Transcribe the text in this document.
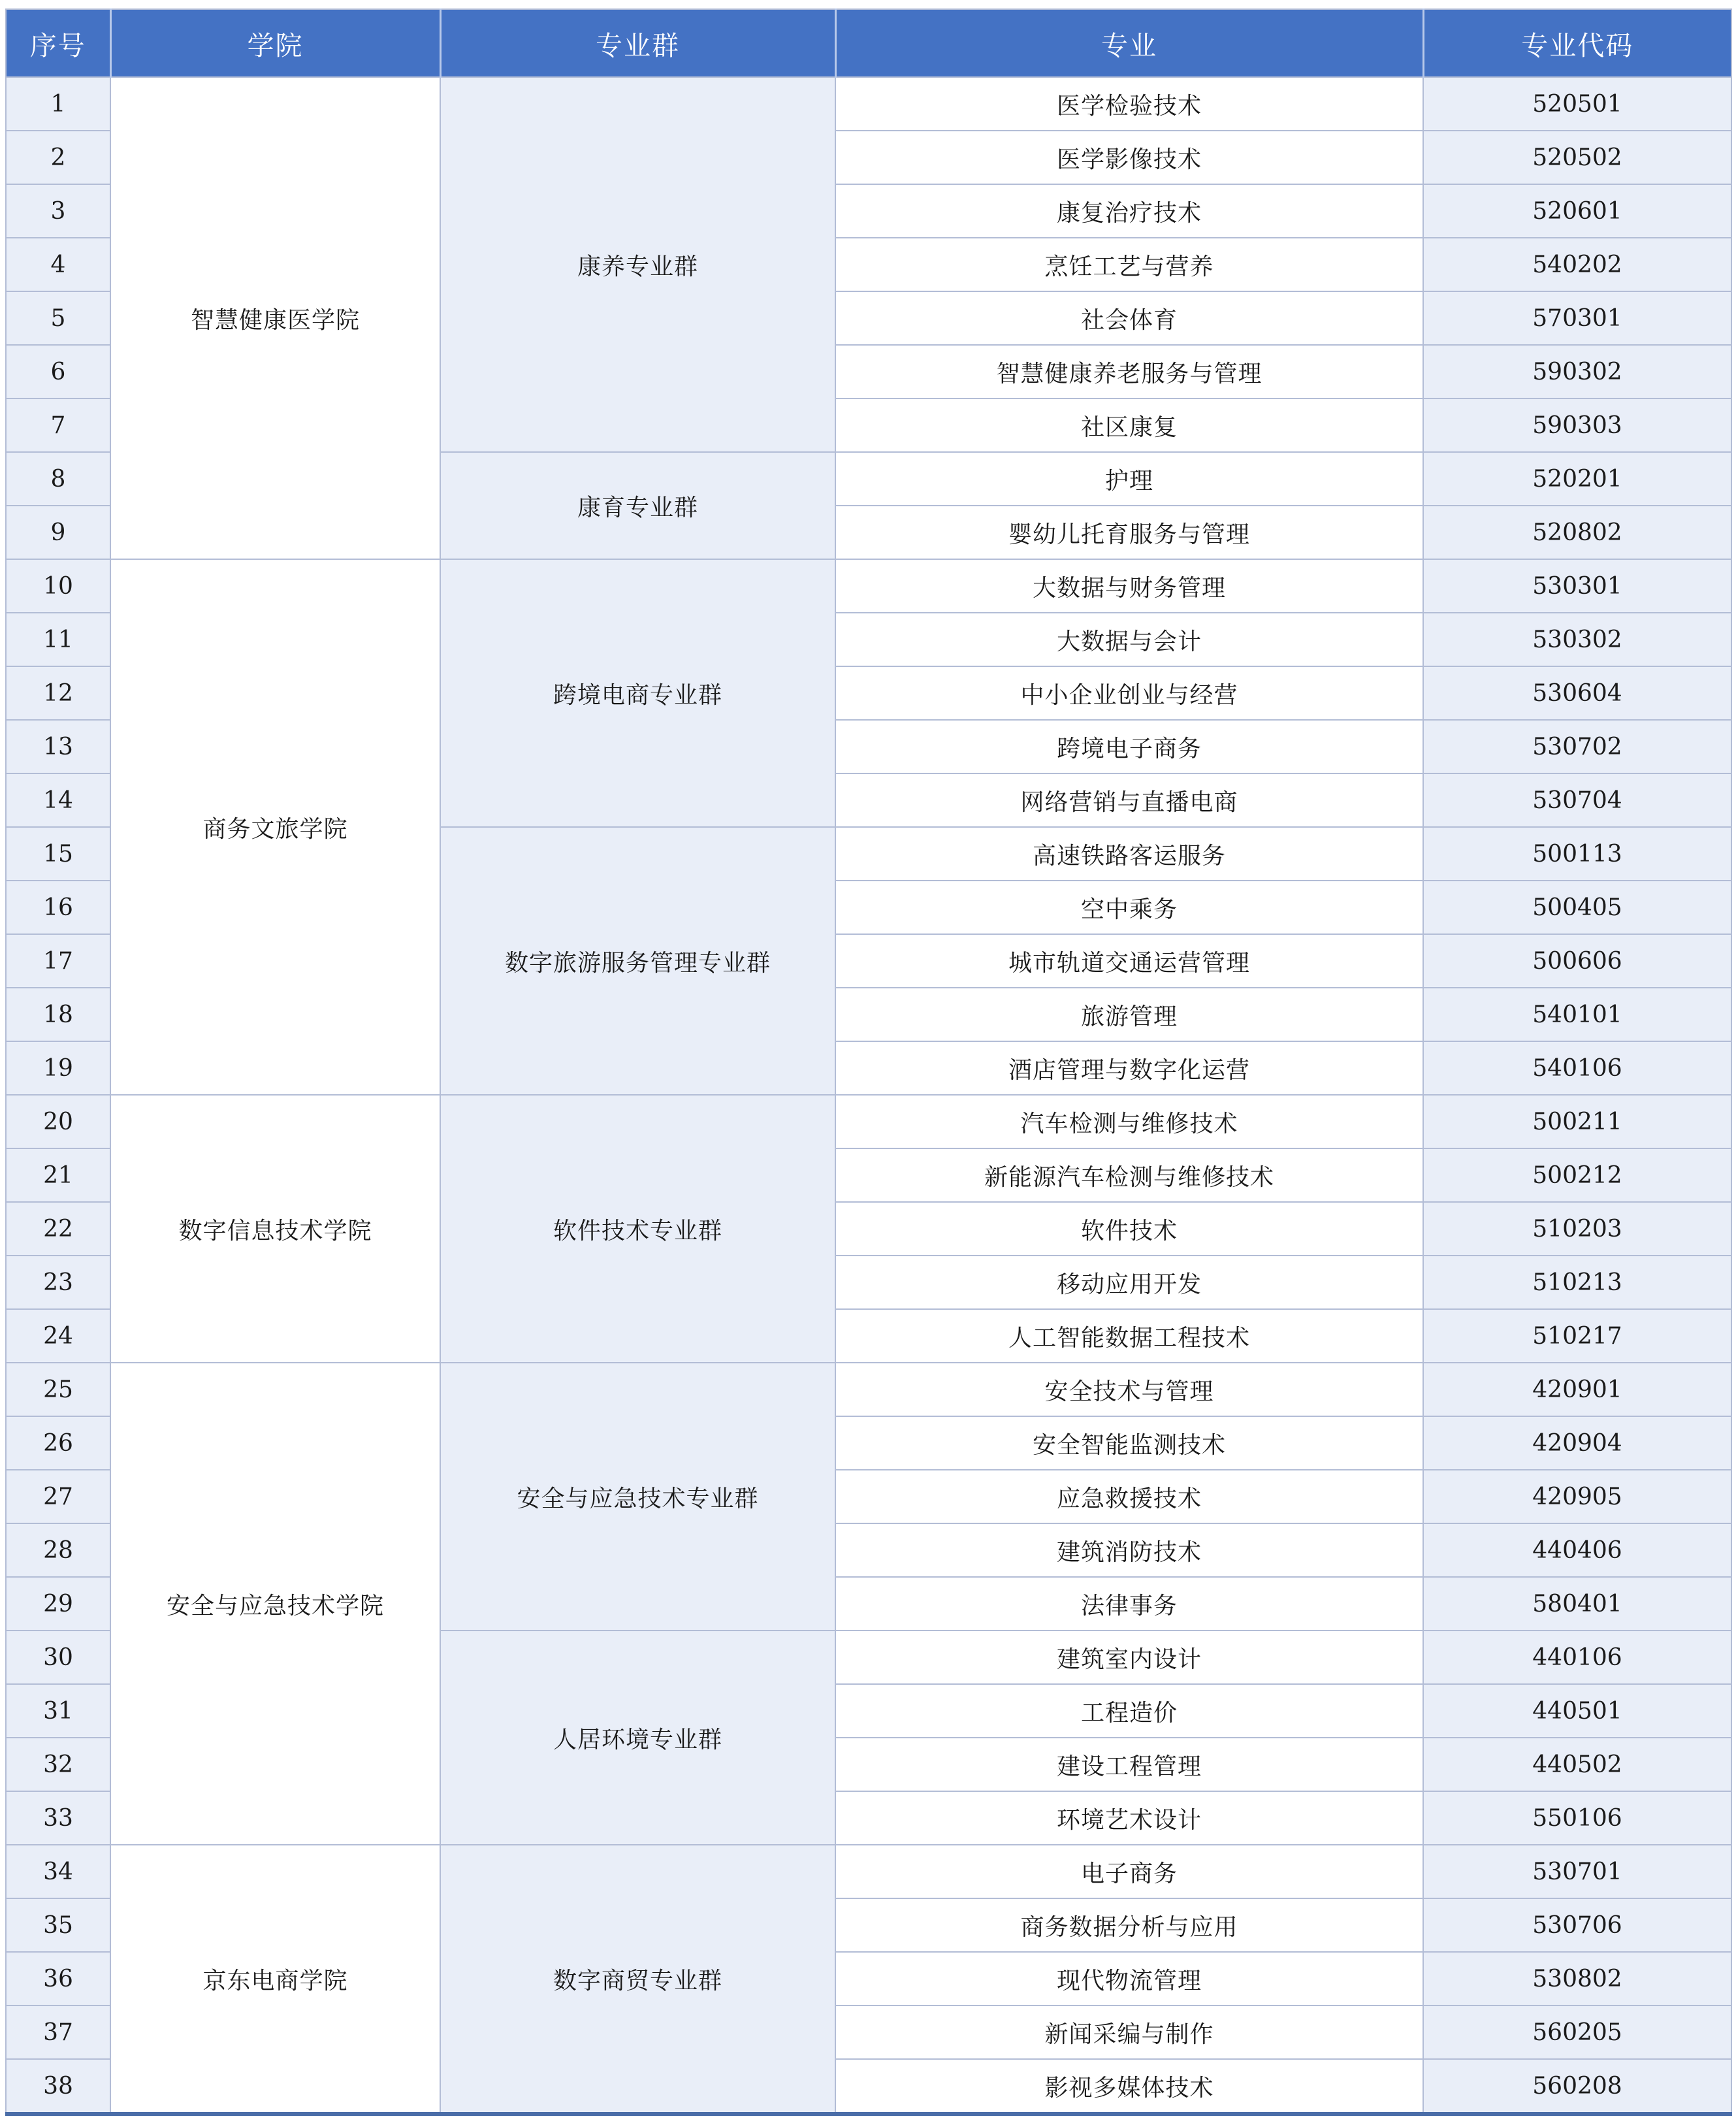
序号	学院	专业群	专业	专业代码
1	智慧健康医学院	康养专业群	医学检验技术	520501
2			医学影像技术	520502
3			康复治疗技术	520601
4			烹饪工艺与营养	540202
5			社会体育	570301
6			智慧健康养老服务与管理	590302
7			社区康复	590303
8		康育专业群	护理	520201
9			婴幼儿托育服务与管理	520802
10	商务文旅学院	跨境电商专业群	大数据与财务管理	530301
11			大数据与会计	530302
12			中小企业创业与经营	530604
13			跨境电子商务	530702
14			网络营销与直播电商	530704
15		数字旅游服务管理专业群	高速铁路客运服务	500113
16			空中乘务	500405
17			城市轨道交通运营管理	500606
18			旅游管理	540101
19			酒店管理与数字化运营	540106
20	数字信息技术学院	软件技术专业群	汽车检测与维修技术	500211
21			新能源汽车检测与维修技术	500212
22			软件技术	510203
23			移动应用开发	510213
24			人工智能数据工程技术	510217
25	安全与应急技术学院	安全与应急技术专业群	安全技术与管理	420901
26			安全智能监测技术	420904
27			应急救援技术	420905
28			建筑消防技术	440406
29			法律事务	580401
30		人居环境专业群	建筑室内设计	440106
31			工程造价	440501
32			建设工程管理	440502
33			环境艺术设计	550106
34	京东电商学院	数字商贸专业群	电子商务	530701
35			商务数据分析与应用	530706
36			现代物流管理	530802
37			新闻采编与制作	560205
38			影视多媒体技术	560208
